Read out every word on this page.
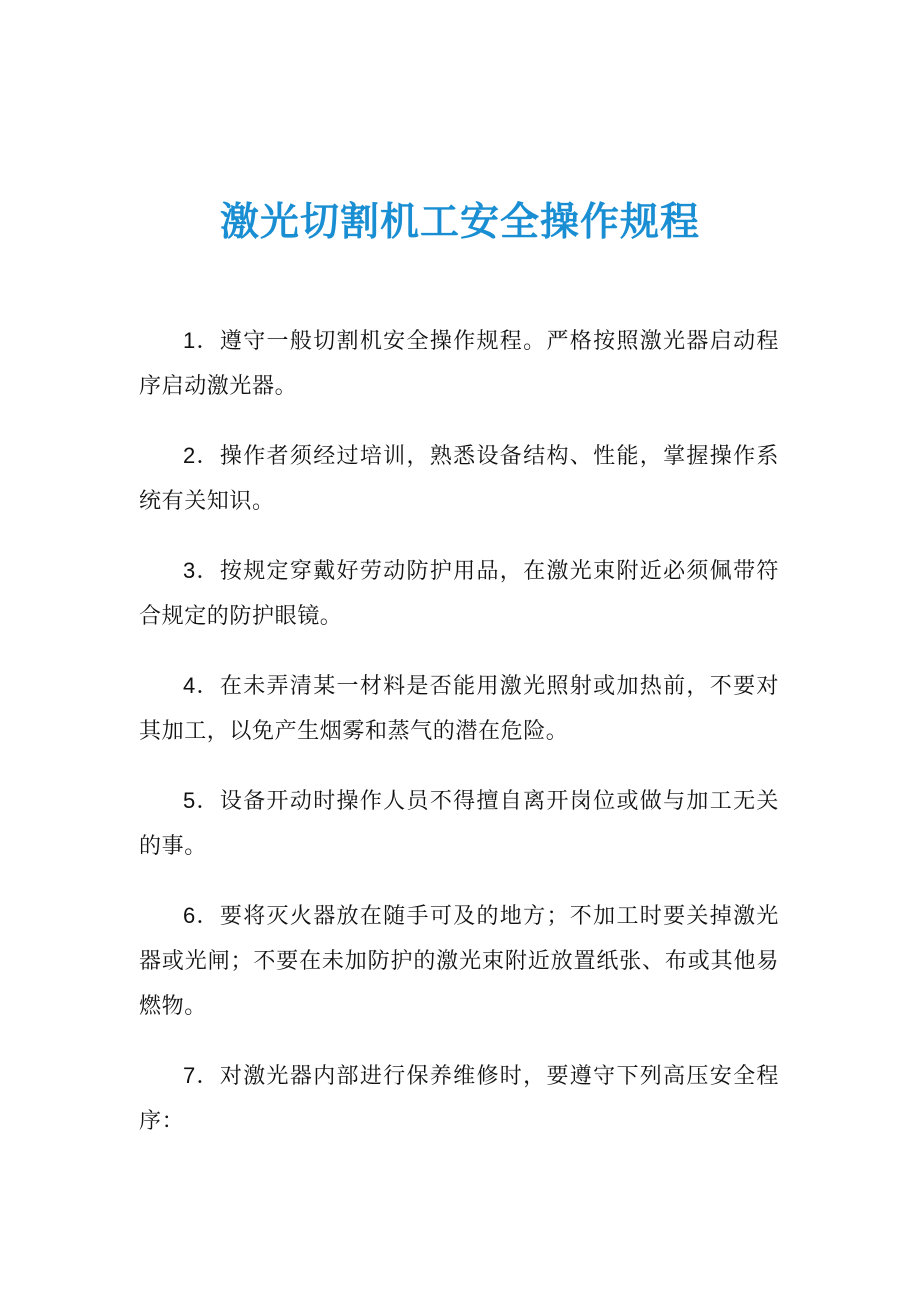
激光切割机工安全操作规程

1．遵守一般切割机安全操作规程。严格按照激光器启动程序启动激光器。

2．操作者须经过培训，熟悉设备结构、性能，掌握操作系统有关知识。

3．按规定穿戴好劳动防护用品，在激光束附近必须佩带符合规定的防护眼镜。

4．在未弄清某一材料是否能用激光照射或加热前，不要对其加工，以免产生烟雾和蒸气的潜在危险。

5．设备开动时操作人员不得擅自离开岗位或做与加工无关的事。

6．要将灭火器放在随手可及的地方；不加工时要关掉激光器或光闸；不要在未加防护的激光束附近放置纸张、布或其他易燃物。

7．对激光器内部进行保养维修时，要遵守下列高压安全程序：
